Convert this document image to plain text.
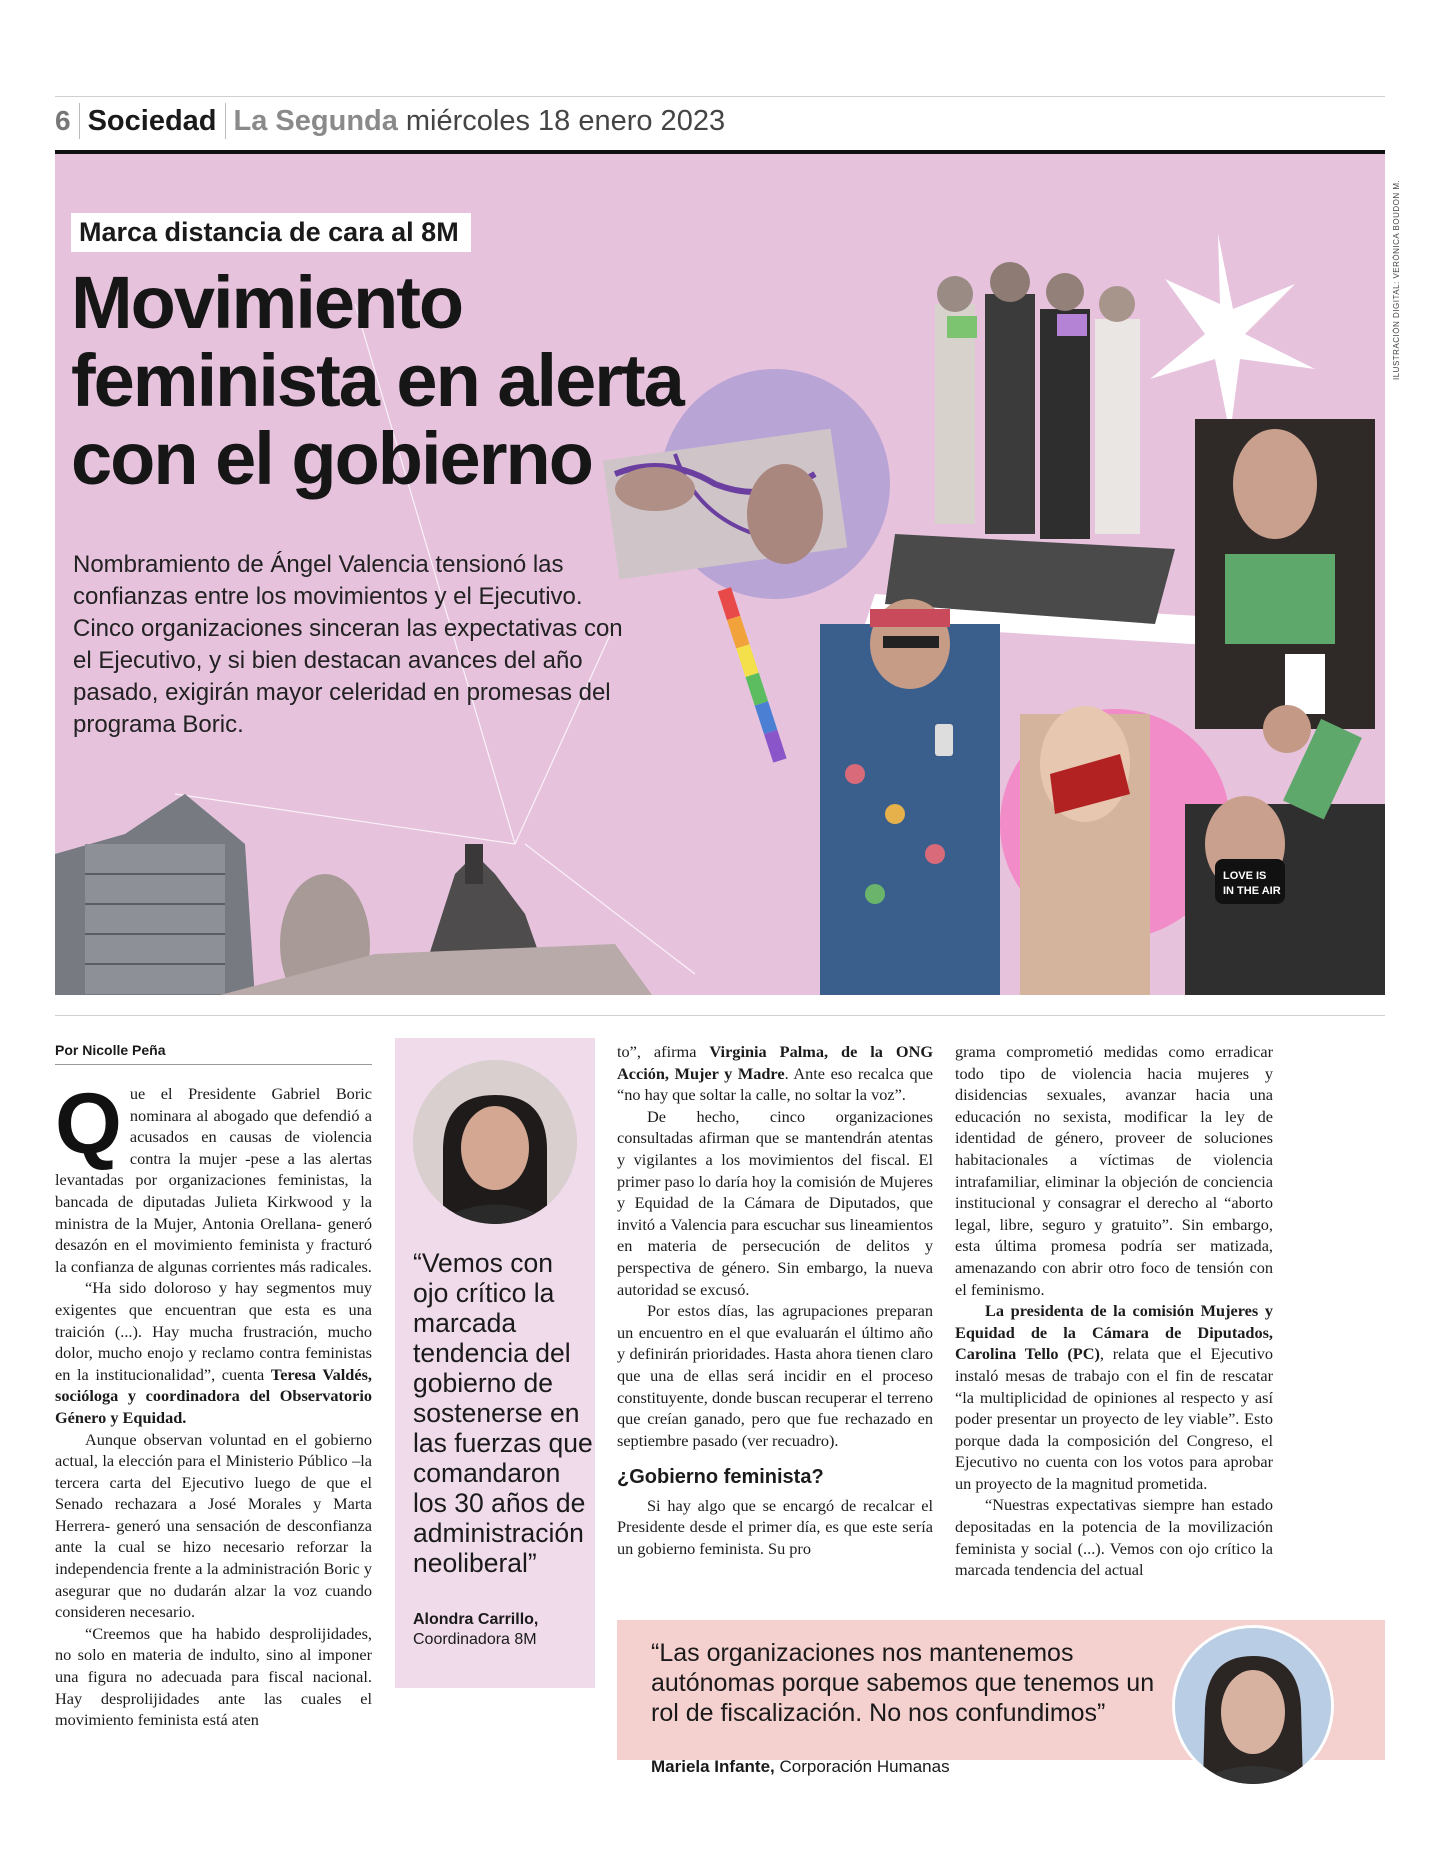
6 Sociedad La Segunda miércoles 18 enero 2023
ILUSTRACIÓN DIGITAL: VERÓNICA BOUDON M.
LOVE IS
IN THE AIR
Marca distancia de cara al 8M
Movimiento
feminista en alerta
con el gobierno

Nombramiento de Ángel Valencia tensionó las confianzas entre los movimientos y el Ejecutivo. Cinco organizaciones sinceran las expectativas con el Ejecutivo, y si bien destacan avances del año pasado, exigirán mayor celeridad en promesas del programa Boric.

Por Nicolle Peña

Que el Presidente Gabriel Boric nominara al abogado que defendió a acusados en causas de violencia contra la mujer -pese a las alertas levantadas por organizaciones feministas, la bancada de diputadas Julieta Kirkwood y la ministra de la Mujer, Antonia Orellana- generó desazón en el movimiento feminista y fracturó la confianza de algunas corrientes más radicales.

“Ha sido doloroso y hay segmentos muy exigentes que encuentran que esta es una traición (...). Hay mucha frustración, mucho dolor, mucho enojo y reclamo contra feministas en la institucionalidad”, cuenta Teresa Valdés, socióloga y coordinadora del Observatorio Género y Equidad.

Aunque observan voluntad en el gobierno actual, la elección para el Ministerio Público –la tercera carta del Ejecutivo luego de que el Senado rechazara a José Morales y Marta Herrera- generó una sensación de desconfianza ante la cual se hizo necesario reforzar la independencia frente a la administración Boric y asegurar que no dudarán alzar la voz cuando consideren necesario.

“Creemos que ha habido desprolijidades, no solo en materia de indulto, sino al imponer una figura no adecuada para fiscal nacional. Hay desprolijidades ante las cuales el movimiento feminista está aten

“Vemos con ojo crítico la marcada tendencia del gobierno de sostenerse en las fuerzas que comandaron los 30 años de administración neoliberal”
Alondra Carrillo,
Coordinadora 8M

to”, afirma Virginia Palma, de la ONG Acción, Mujer y Madre. Ante eso recalca que “no hay que soltar la calle, no soltar la voz”.

De hecho, cinco organizaciones consultadas afirman que se mantendrán atentas y vigilantes a los movimientos del fiscal. El primer paso lo daría hoy la comisión de Mujeres y Equidad de la Cámara de Diputados, que invitó a Valencia para escuchar sus lineamientos en materia de persecución de delitos y perspectiva de género. Sin embargo, la nueva autoridad se excusó.

Por estos días, las agrupaciones preparan un encuentro en el que evaluarán el último año y definirán prioridades. Hasta ahora tienen claro que una de ellas será incidir en el proceso constituyente, donde buscan recuperar el terreno que creían ganado, pero que fue rechazado en septiembre pasado (ver recuadro).

¿Gobierno feminista?

Si hay algo que se encargó de recalcar el Presidente desde el primer día, es que este sería un gobierno feminista. Su pro

grama comprometió medidas como erradicar todo tipo de violencia hacia mujeres y disidencias sexuales, avanzar hacia una educación no sexista, modificar la ley de identidad de género, proveer de soluciones habitacionales a víctimas de violencia intrafamiliar, eliminar la objeción de conciencia institucional y consagrar el derecho al “aborto legal, libre, seguro y gratuito”. Sin embargo, esta última promesa podría ser matizada, amenazando con abrir otro foco de tensión con el feminismo.

La presidenta de la comisión Mujeres y Equidad de la Cámara de Diputados, Carolina Tello (PC), relata que el Ejecutivo instaló mesas de trabajo con el fin de rescatar “la multiplicidad de opiniones al respecto y así poder presentar un proyecto de ley viable”. Esto porque dada la composición del Congreso, el Ejecutivo no cuenta con los votos para aprobar un proyecto de la magnitud prometida.

“Nuestras expectativas siempre han estado depositadas en la potencia de la movilización feminista y social (...). Vemos con ojo crítico la marcada tendencia del actual

“Las organizaciones nos mantenemos autónomas porque sabemos que tenemos un rol de fiscalización. No nos confundimos”
Mariela Infante, Corporación Humanas
